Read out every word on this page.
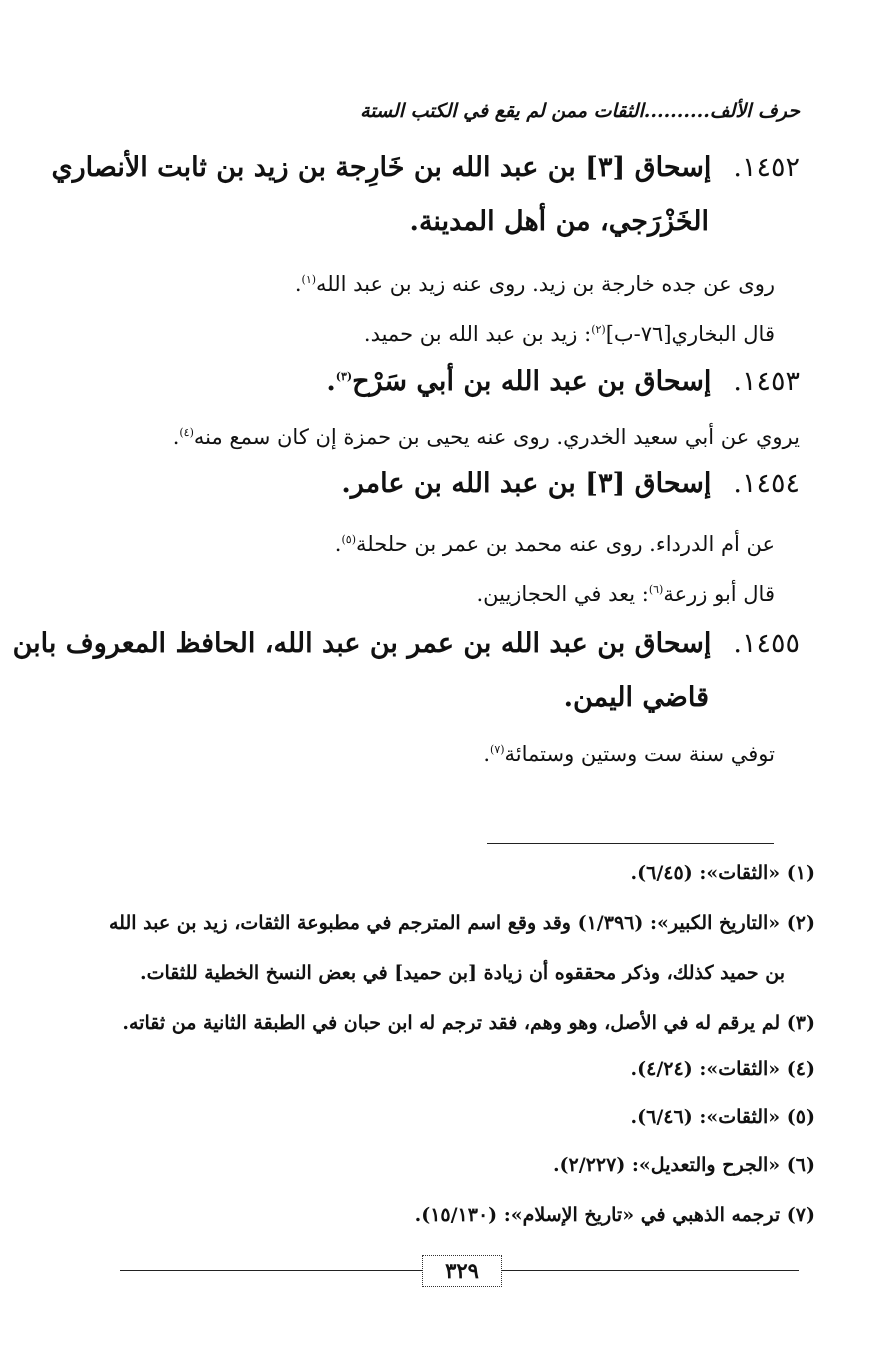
حرف الألف..........الثقات ممن لم يقع في الكتب الستة
١٤٥٢.إسحاق [٣] بن عبد الله بن خَارِجة بن زيد بن ثابت الأنصاري
الخَزْرَجي، من أهل المدينة.
روى عن جده خارجة بن زيد. روى عنه زيد بن عبد الله$^{(١)}$.
قال البخاري[٧٦-ب]$^{(٢)}$: زيد بن عبد الله بن حميد.
١٤٥٣.إسحاق بن عبد الله بن أبي سَرْح$^{(٣)}$.
يروي عن أبي سعيد الخدري. روى عنه يحيى بن حمزة إن كان سمع منه$^{(٤)}$.
١٤٥٤.إسحاق [٣] بن عبد الله بن عامر.
عن أم الدرداء. روى عنه محمد بن عمر بن حلحلة$^{(٥)}$.
قال أبو زرعة$^{(٦)}$: يعد في الحجازيين.
١٤٥٥.إسحاق بن عبد الله بن عمر بن عبد الله، الحافظ المعروف بابن
قاضي اليمن.
توفي سنة ست وستين وستمائة$^{(٧)}$.
(١) «الثقات»: (٦/٤٥).
(٢) «التاريخ الكبير»: (١/٣٩٦) وقد وقع اسم المترجم في مطبوعة الثقات، زيد بن عبد الله
بن حميد كذلك، وذكر محققوه أن زيادة [بن حميد] في بعض النسخ الخطية للثقات.
(٣) لم يرقم له في الأصل، وهو وهم، فقد ترجم له ابن حبان في الطبقة الثانية من ثقاته.
(٤) «الثقات»: (٤/٢٤).
(٥) «الثقات»: (٦/٤٦).
(٦) «الجرح والتعديل»: (٢/٢٢٧).
(٧) ترجمه الذهبي في «تاريخ الإسلام»: (١٥/١٣٠).
٣٢٩
